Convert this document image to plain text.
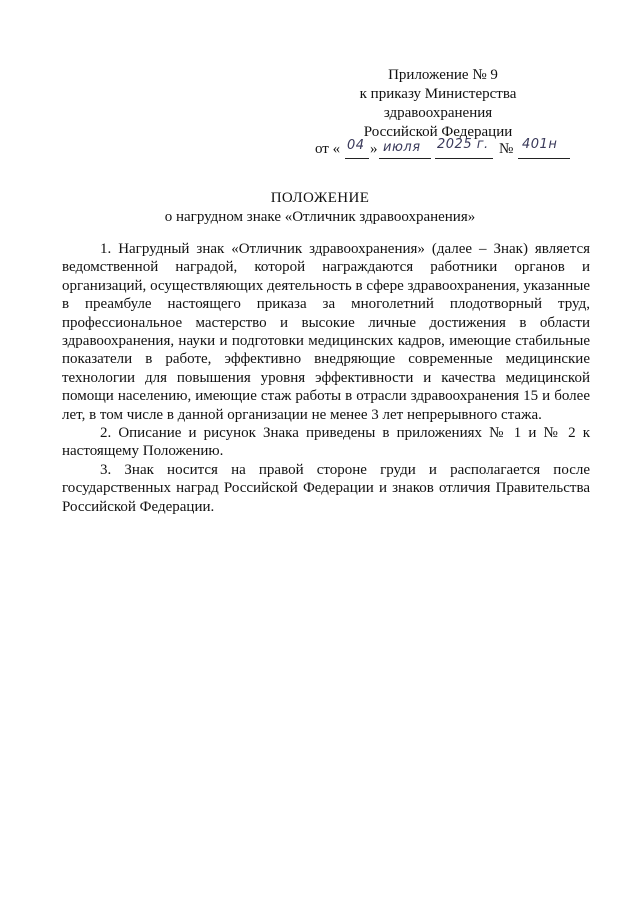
Приложение № 9
к приказу Министерства
здравоохранения
Российской Федерации
от « 04 » июля 2025 г. № 401н
ПОЛОЖЕНИЕ
о нагрудном знаке «Отличник здравоохранения»

1. Нагрудный знак «Отличник здравоохранения» (далее – Знак) является ведомственной наградой, которой награждаются работники органов и организаций, осуществляющих деятельность в сфере здравоохранения, указанные в преамбуле настоящего приказа за многолетний плодотворный труд, профессиональное мастерство и высокие личные достижения в области здравоохранения, науки и подготовки медицинских кадров, имеющие стабильные показатели в работе, эффективно внедряющие современные медицинские технологии для повышения уровня эффективности и качества медицинской помощи населению, имеющие стаж работы в отрасли здравоохранения 15 и более лет, в том числе в данной организации не менее 3 лет непрерывного стажа.

2. Описание и рисунок Знака приведены в приложениях № 1 и № 2 к настоящему Положению.

3. Знак носится на правой стороне груди и располагается после государственных наград Российской Федерации и знаков отличия Правительства Российской Федерации.
